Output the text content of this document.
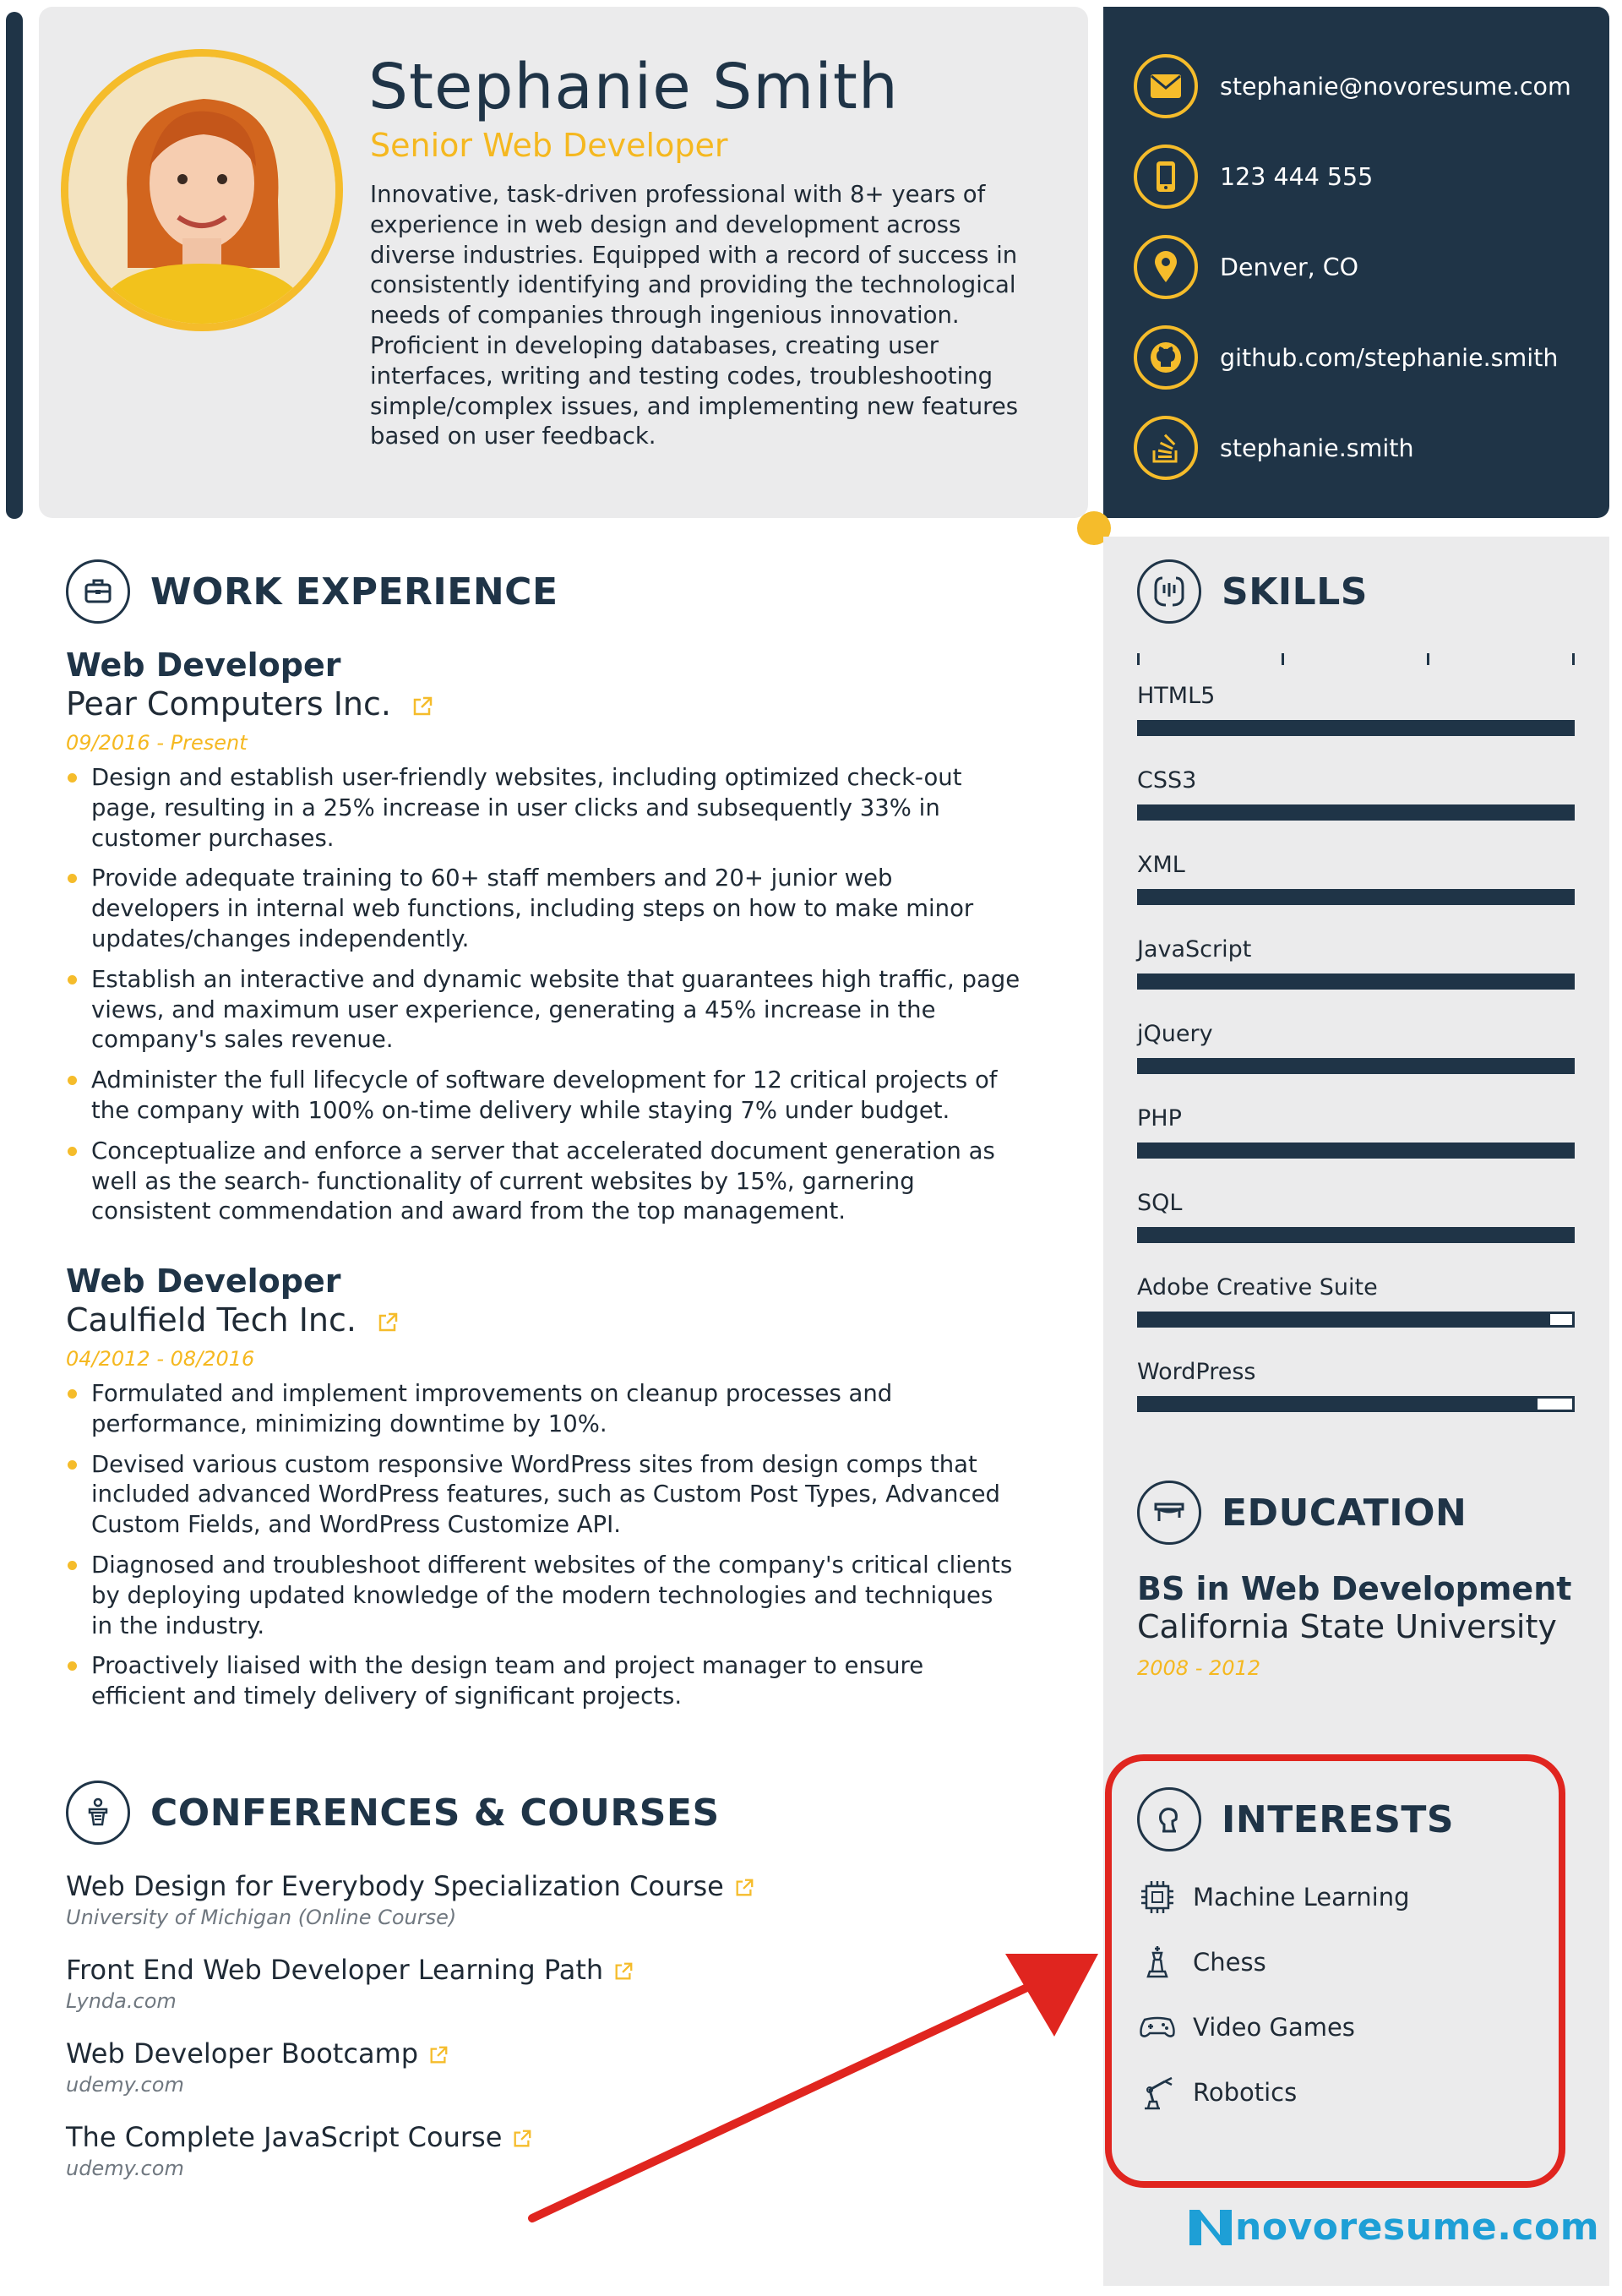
Stephanie Smith
Senior Web Developer
Innovative, task-driven professional with 8+ years of experience in web design and development across diverse industries. Equipped with a record of success in consistently identifying and providing the technological needs of companies through ingenious innovation. Proficient in developing databases, creating user interfaces, writing and testing codes, troubleshooting simple/complex issues, and implementing new features based on user feedback.
stephanie@novoresume.com
123 444 555
Denver, CO
github.com/stephanie.smith
stephanie.smith
SKILLS
HTML5
CSS3
XML
JavaScript
jQuery
PHP
SQL
Adobe Creative Suite
WordPress
EDUCATION
BS in Web Development
California State University
2008 - 2012
INTERESTS
Machine Learning
Chess
Video Games
Robotics
novoresume.com
WORK EXPERIENCE
Web Developer
Pear Computers Inc.
09/2016 - Present
Design and establish user-friendly websites, including optimized check-out page, resulting in a 25% increase in user clicks and subsequently 33% in customer purchases.
Provide adequate training to 60+ staff members and 20+ junior web developers in internal web functions, including steps on how to make minor updates/changes independently.
Establish an interactive and dynamic website that guarantees high traffic, page views, and maximum user experience, generating a 45% increase in the company's sales revenue.
Administer the full lifecycle of software development for 12 critical projects of the company with 100% on-time delivery while staying 7% under budget.
Conceptualize and enforce a server that accelerated document generation as well as the search- functionality of current websites by 15%, garnering consistent commendation and award from the top management.
Web Developer
Caulfield Tech Inc.
04/2012 - 08/2016
Formulated and implement improvements on cleanup processes and performance, minimizing downtime by 10%.
Devised various custom responsive WordPress sites from design comps that included advanced WordPress features, such as Custom Post Types, Advanced Custom Fields, and WordPress Customize API.
Diagnosed and troubleshoot different websites of the company's critical clients by deploying updated knowledge of the modern technologies and techniques in the industry.
Proactively liaised with the design team and project manager to ensure efficient and timely delivery of significant projects.
CONFERENCES & COURSES
Web Design for Everybody Specialization Course
University of Michigan (Online Course)
Front End Web Developer Learning Path
Lynda.com
Web Developer Bootcamp
udemy.com
The Complete JavaScript Course
udemy.com
